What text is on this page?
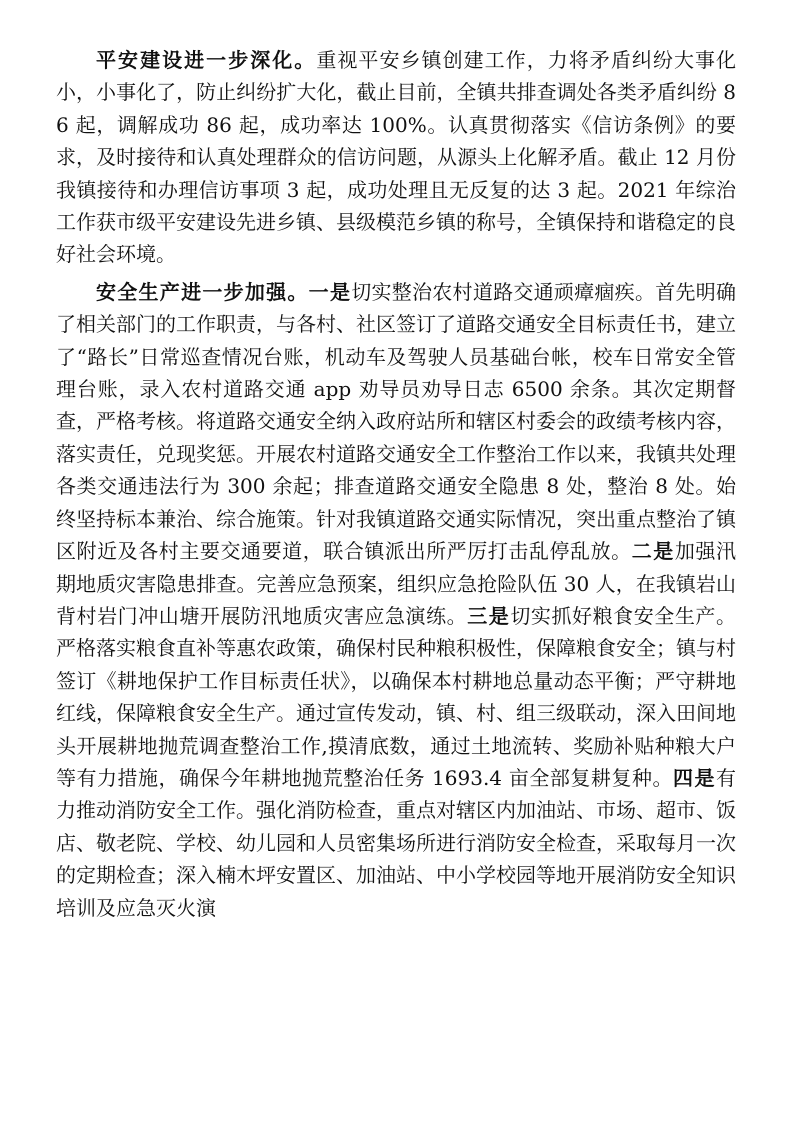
平安建设进一步深化。重视平安乡镇创建工作，力将矛盾纠纷大事化小，小事化了，防止纠纷扩大化，截止目前，全镇共排查调处各类矛盾纠纷 86 起，调解成功 86 起，成功率达 100%。认真贯彻落实《信访条例》的要求，及时接待和认真处理群众的信访问题，从源头上化解矛盾。截止 12 月份我镇接待和办理信访事项 3 起，成功处理且无反复的达 3 起。2021 年综治工作获市级平安建设先进乡镇、县级模范乡镇的称号，全镇保持和谐稳定的良好社会环境。

安全生产进一步加强。一是切实整治农村道路交通顽瘴痼疾。首先明确了相关部门的工作职责，与各村、社区签订了道路交通安全目标责任书，建立了“路长”日常巡查情况台账，机动车及驾驶人员基础台帐，校车日常安全管理台账，录入农村道路交通 app 劝导员劝导日志 6500 余条。其次定期督查，严格考核。将道路交通安全纳入政府站所和辖区村委会的政绩考核内容，落实责任，兑现奖惩。开展农村道路交通安全工作整治工作以来，我镇共处理各类交通违法行为 300 余起；排查道路交通安全隐患 8 处，整治 8 处。始终坚持标本兼治、综合施策。针对我镇道路交通实际情况，突出重点整治了镇区附近及各村主要交通要道，联合镇派出所严厉打击乱停乱放。二是加强汛期地质灾害隐患排查。完善应急预案，组织应急抢险队伍 30 人，在我镇岩山背村岩门冲山塘开展防汛地质灾害应急演练。三是切实抓好粮食安全生产。严格落实粮食直补等惠农政策，确保村民种粮积极性，保障粮食安全；镇与村签订《耕地保护工作目标责任状》，以确保本村耕地总量动态平衡；严守耕地红线，保障粮食安全生产。通过宣传发动，镇、村、组三级联动，深入田间地头开展耕地抛荒调查整治工作,摸清底数，通过土地流转、奖励补贴种粮大户等有力措施，确保今年耕地抛荒整治任务 1693.4 亩全部复耕复种。四是有力推动消防安全工作。强化消防检查，重点对辖区内加油站、市场、超市、饭店、敬老院、学校、幼儿园和人员密集场所进行消防安全检查，采取每月一次的定期检查；深入楠木坪安置区、加油站、中小学校园等地开展消防安全知识培训及应急灭火演
